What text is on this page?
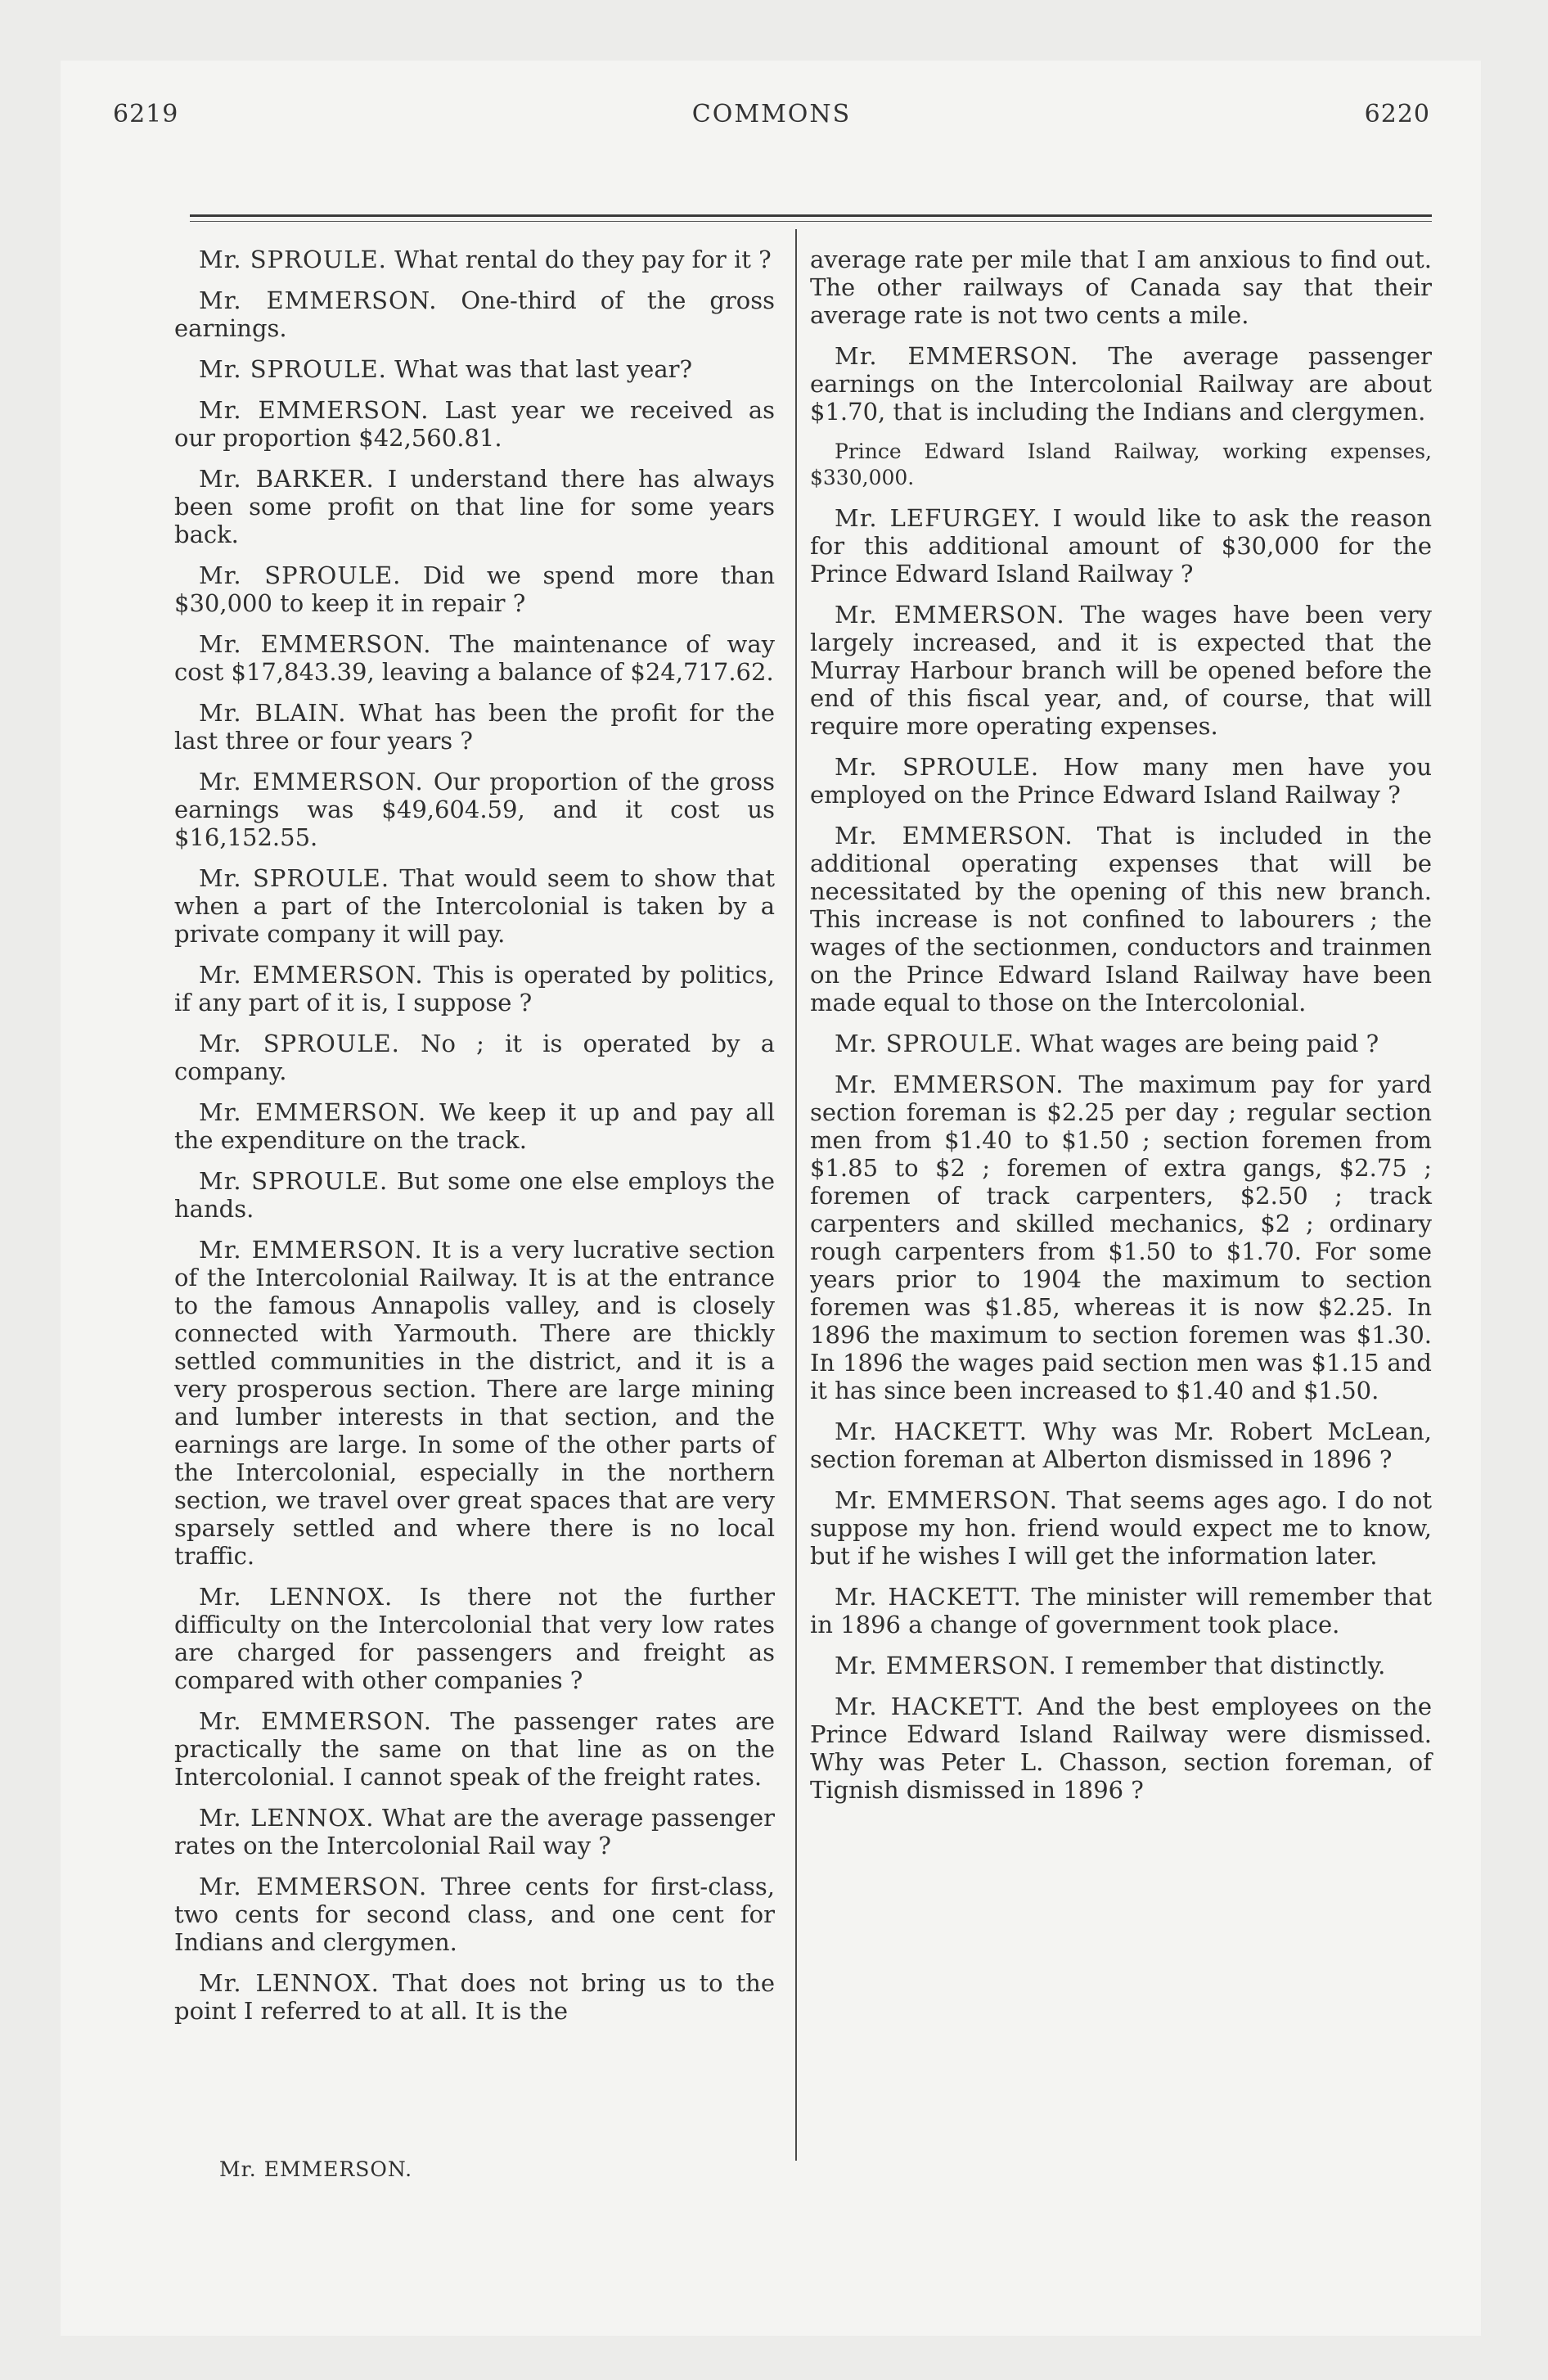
6219	COMMONS	6220

Mr. SPROULE. What rental do they pay for it ?

Mr. EMMERSON. One-third of the gross earnings.

Mr. SPROULE. What was that last year?

Mr. EMMERSON. Last year we received as our proportion $42,560.81.

Mr. BARKER. I understand there has always been some profit on that line for some years back.

Mr. SPROULE. Did we spend more than $30,000 to keep it in repair ?

Mr. EMMERSON. The maintenance of way cost $17,843.39, leaving a balance of $24,717.62.

Mr. BLAIN. What has been the profit for the last three or four years ?

Mr. EMMERSON. Our proportion of the gross earnings was $49,604.59, and it cost us $16,152.55.

Mr. SPROULE. That would seem to show that when a part of the Intercolonial is taken by a private company it will pay.

Mr. EMMERSON. This is operated by politics, if any part of it is, I suppose ?

Mr. SPROULE. No ; it is operated by a company.

Mr. EMMERSON. We keep it up and pay all the expenditure on the track.

Mr. SPROULE. But some one else employs the hands.

Mr. EMMERSON. It is a very lucrative section of the Intercolonial Railway. It is at the entrance to the famous Annapolis valley, and is closely connected with Yarmouth. There are thickly settled communities in the district, and it is a very prosperous section. There are large mining and lumber interests in that section, and the earnings are large. In some of the other parts of the Intercolonial, especially in the northern section, we travel over great spaces that are very sparsely settled and where there is no local traffic.

Mr. LENNOX. Is there not the further difficulty on the Intercolonial that very low rates are charged for passengers and freight as compared with other companies ?

Mr. EMMERSON. The passenger rates are practically the same on that line as on the Intercolonial. I cannot speak of the freight rates.

Mr. LENNOX. What are the average passenger rates on the Intercolonial Rail way ?

Mr. EMMERSON. Three cents for first-class, two cents for second class, and one cent for Indians and clergymen.

Mr. LENNOX. That does not bring us to the point I referred to at all. It is the

average rate per mile that I am anxious to find out. The other railways of Canada say that their average rate is not two cents a mile.

Mr. EMMERSON. The average passenger earnings on the Intercolonial Railway are about $1.70, that is including the Indians and clergymen.

Prince Edward Island Railway, working expenses, $330,000.

Mr. LEFURGEY. I would like to ask the reason for this additional amount of $30,000 for the Prince Edward Island Railway ?

Mr. EMMERSON. The wages have been very largely increased, and it is expected that the Murray Harbour branch will be opened before the end of this fiscal year, and, of course, that will require more operating expenses.

Mr. SPROULE. How many men have you employed on the Prince Edward Island Railway ?

Mr. EMMERSON. That is included in the additional operating expenses that will be necessitated by the opening of this new branch. This increase is not confined to labourers ; the wages of the sectionmen, conductors and trainmen on the Prince Edward Island Railway have been made equal to those on the Intercolonial.

Mr. SPROULE. What wages are being paid ?

Mr. EMMERSON. The maximum pay for yard section foreman is $2.25 per day ; regular section men from $1.40 to $1.50 ; section foremen from $1.85 to $2 ; foremen of extra gangs, $2.75 ; foremen of track carpenters, $2.50 ; track carpenters and skilled mechanics, $2 ; ordinary rough carpenters from $1.50 to $1.70. For some years prior to 1904 the maximum to section foremen was $1.85, whereas it is now $2.25. In 1896 the maximum to section foremen was $1.30. In 1896 the wages paid section men was $1.15 and it has since been increased to $1.40 and $1.50.

Mr. HACKETT. Why was Mr. Robert McLean, section foreman at Alberton dismissed in 1896 ?

Mr. EMMERSON. That seems ages ago. I do not suppose my hon. friend would expect me to know, but if he wishes I will get the information later.

Mr. HACKETT. The minister will remember that in 1896 a change of government took place.

Mr. EMMERSON. I remember that distinctly.

Mr. HACKETT. And the best employees on the Prince Edward Island Railway were dismissed. Why was Peter L. Chasson, section foreman, of Tignish dismissed in 1896 ?

Mr. EMMERSON.
